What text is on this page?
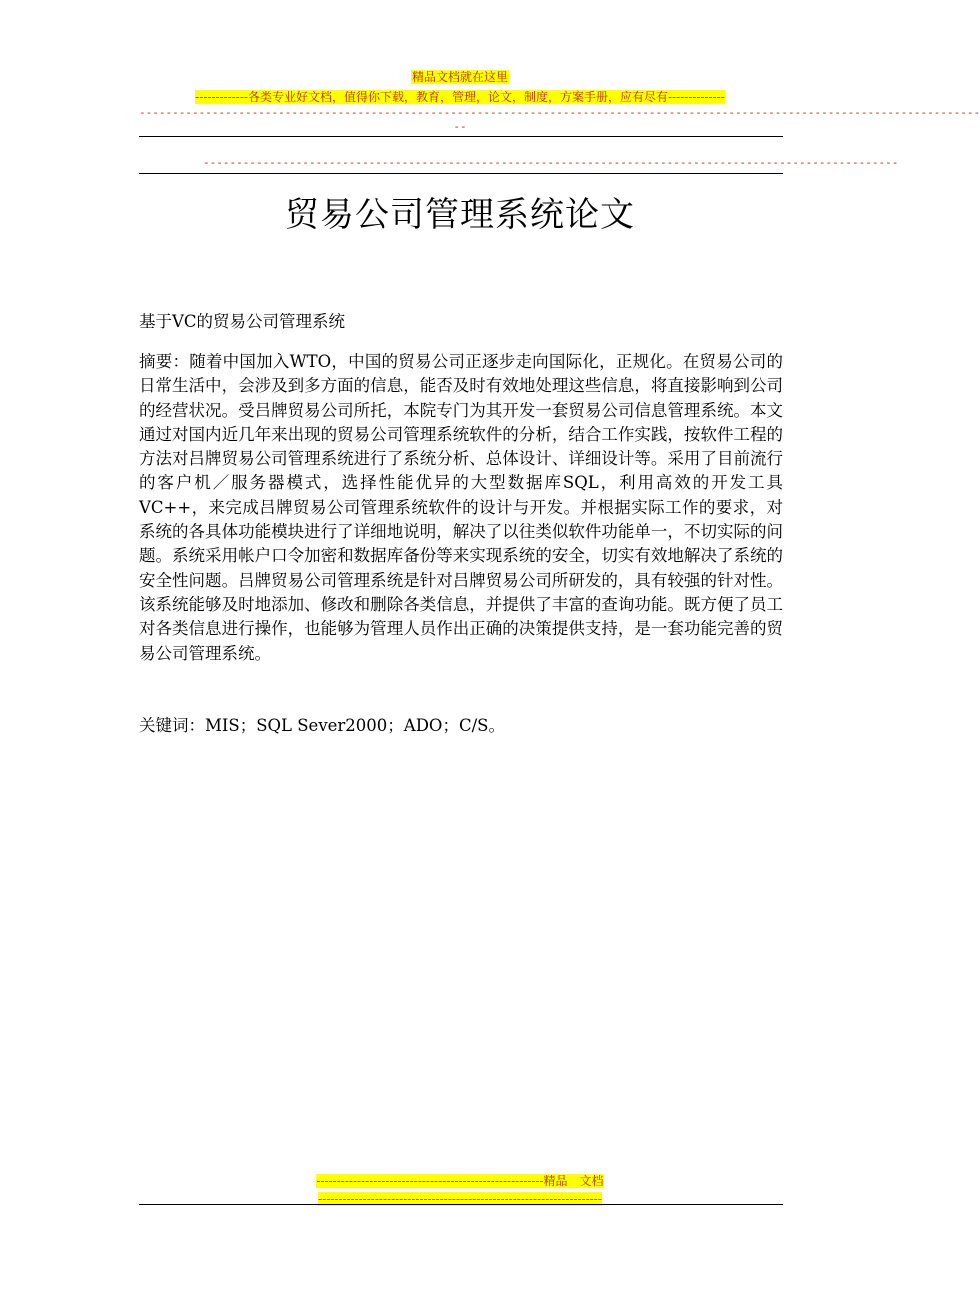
精品文档就在这里
-------------各类专业好文档，值得你下载，教育，管理，论文，制度，方案手册，应有尽有--------------
-------------------------------------------------------------------------------------------------------------------------------
--
---------------------------------------------------------------------------------------------------------
贸易公司管理系统论文
基于VC的贸易公司管理系统
摘要：随着中国加入WTO，中国的贸易公司正逐步走向国际化，正规化。在贸易公司的日常生活中，会涉及到多方面的信息，能否及时有效地处理这些信息，将直接影响到公司的经营状况。受吕牌贸易公司所托，本院专门为其开发一套贸易公司信息管理系统。本文通过对国内近几年来出现的贸易公司管理系统软件的分析，结合工作实践，按软件工程的方法对吕牌贸易公司管理系统进行了系统分析、总体设计、详细设计等。采用了目前流行的客户机／服务器模式，选择性能优异的大型数据库SQL，利用高效的开发工具VC++，来完成吕牌贸易公司管理系统软件的设计与开发。并根据实际工作的要求，对系统的各具体功能模块进行了详细地说明，解决了以往类似软件功能单一，不切实际的问题。系统采用帐户口令加密和数据库备份等来实现系统的安全，切实有效地解决了系统的安全性问题。吕牌贸易公司管理系统是针对吕牌贸易公司所研发的，具有较强的针对性。该系统能够及时地添加、修改和删除各类信息，并提供了丰富的查询功能。既方便了员工对各类信息进行操作，也能够为管理人员作出正确的决策提供支持，是一套功能完善的贸易公司管理系统。
关键词：MIS；SQL Sever2000；ADO；C/S。
--------------------------------------------------------精品　文档
----------------------------------------------------------------------
